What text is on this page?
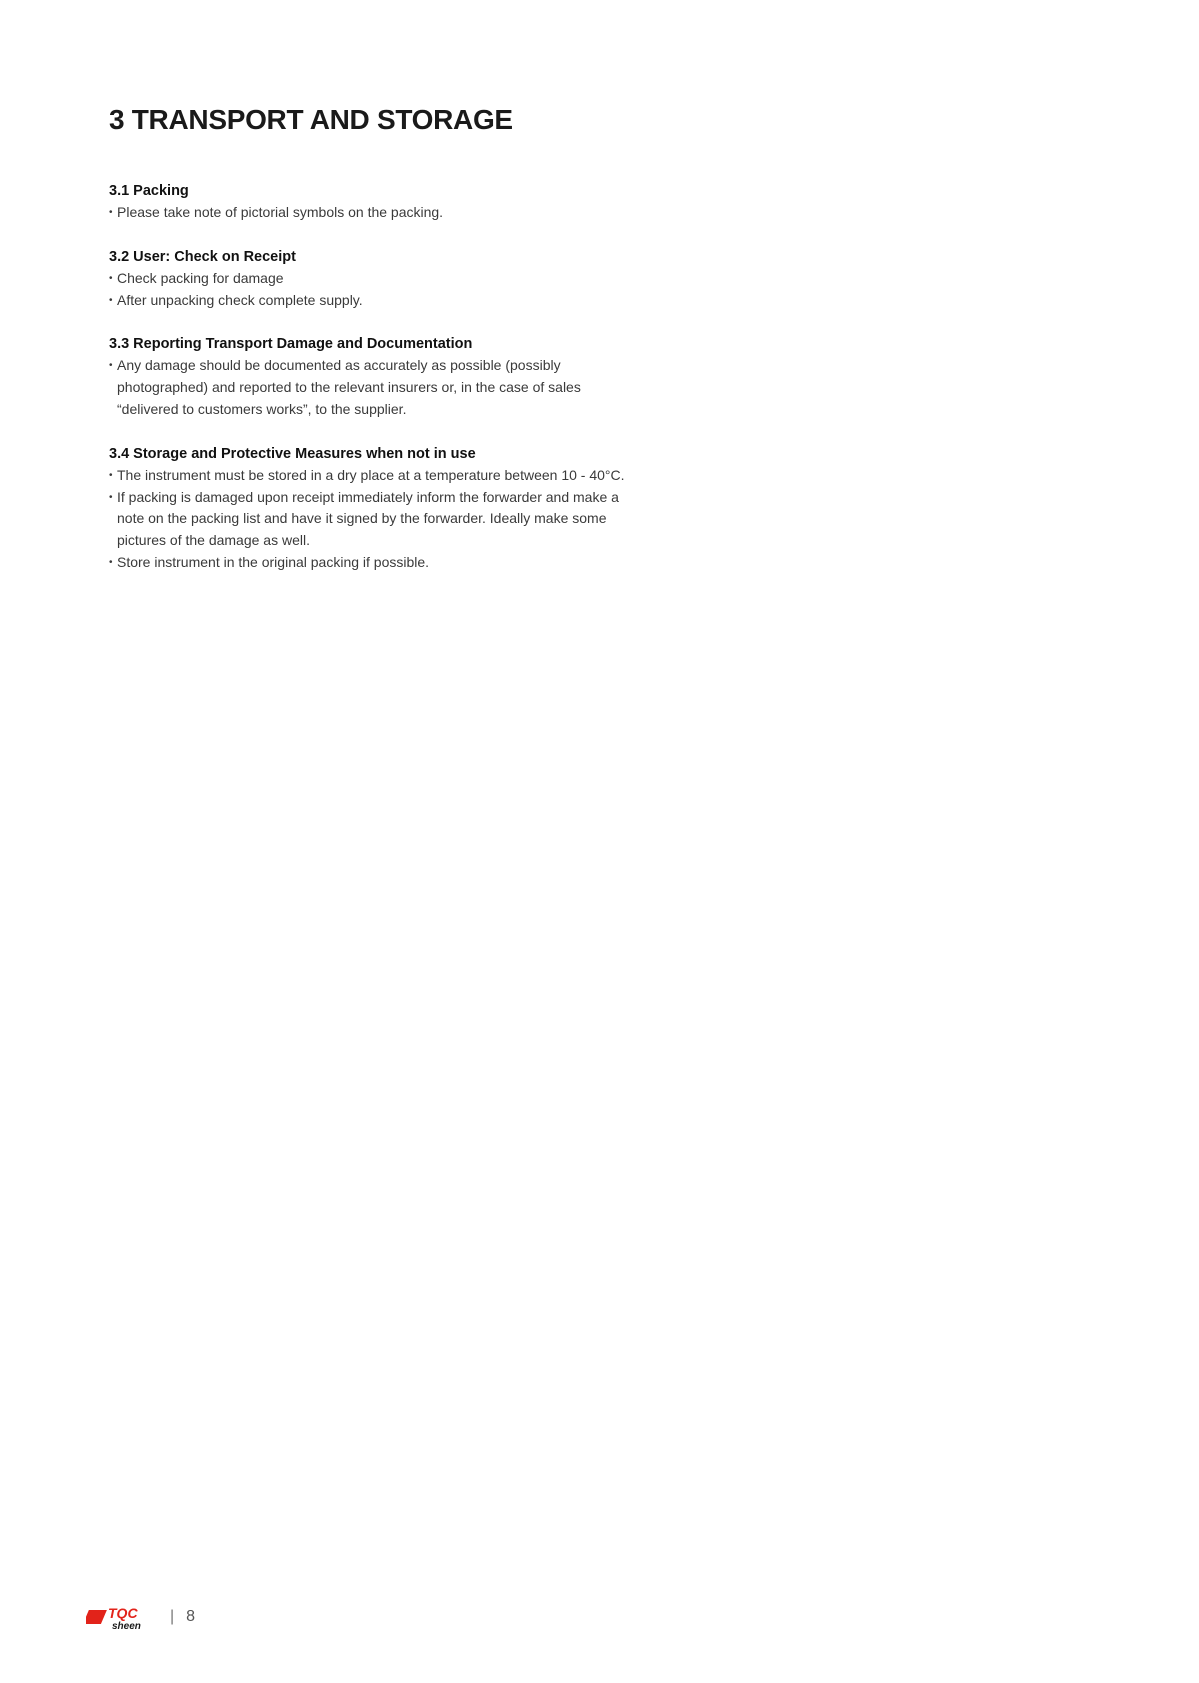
3 TRANSPORT AND STORAGE
3.1 Packing
• Please take note of pictorial symbols on the packing.
3.2 User: Check on Receipt
• Check packing for damage
• After unpacking check complete supply.
3.3 Reporting Transport Damage and Documentation
• Any damage should be documented as accurately as possible (possibly photographed) and reported to the relevant insurers or, in the case of sales “delivered to customers works”, to the supplier.
3.4 Storage and Protective Measures when not in use
• The instrument must be stored in a dry place at a temperature between 10 - 40°C.
• If packing is damaged upon receipt immediately inform the forwarder and make a note on the packing list and have it signed by the forwarder. Ideally make some pictures of the damage as well.
• Store instrument in the original packing if possible.
TQC
sheen
| 8
